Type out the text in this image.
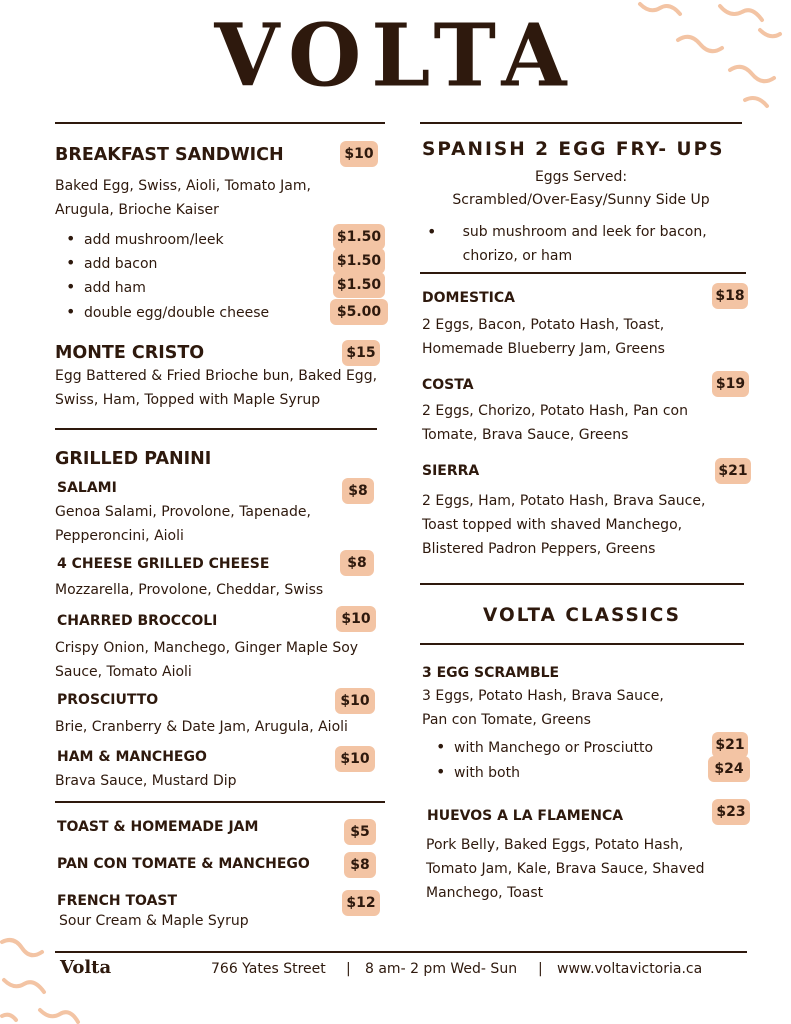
VOLTA
BREAKFAST SANDWICH	$10
Baked Egg, Swiss, Aioli, Tomato Jam, Arugula, Brioche Kaiser
• add mushroom/leek	$1.50
• add bacon	$1.50
• add ham	$1.50
• double egg/double cheese	$5.00
MONTE CRISTO	$15
Egg Battered & Fried Brioche bun, Baked Egg, Swiss, Ham, Topped with Maple Syrup
GRILLED PANINI
SALAMI	$8
Genoa Salami, Provolone, Tapenade, Pepperoncini, Aioli
4 CHEESE GRILLED CHEESE	$8
Mozzarella, Provolone, Cheddar, Swiss
CHARRED BROCCOLI	$10
Crispy Onion, Manchego, Ginger Maple Soy Sauce, Tomato Aioli
PROSCIUTTO	$10
Brie, Cranberry & Date Jam, Arugula, Aioli
HAM & MANCHEGO	$10
Brava Sauce, Mustard Dip
TOAST & HOMEMADE JAM	$5
PAN CON TOMATE & MANCHEGO	$8
FRENCH TOAST	$12
Sour Cream & Maple Syrup
SPANISH 2 EGG FRY- UPS
Eggs Served:
Scrambled/Over-Easy/Sunny Side Up
• sub mushroom and leek for bacon, chorizo, or ham
DOMESTICA	$18
2 Eggs, Bacon, Potato Hash, Toast, Homemade Blueberry Jam, Greens
COSTA	$19
2 Eggs, Chorizo, Potato Hash, Pan con Tomate, Brava Sauce, Greens
SIERRA	$21
2 Eggs, Ham, Potato Hash, Brava Sauce, Toast topped with shaved Manchego, Blistered Padron Peppers, Greens
VOLTA CLASSICS
3 EGG SCRAMBLE
3 Eggs, Potato Hash, Brava Sauce, Pan con Tomate, Greens
• with Manchego or Prosciutto	$21
• with both	$24
HUEVOS A LA FLAMENCA	$23
Pork Belly, Baked Eggs, Potato Hash, Tomato Jam, Kale, Brava Sauce, Shaved Manchego, Toast
Volta	766 Yates Street | 8 am- 2 pm Wed- Sun | www.voltavictoria.ca
